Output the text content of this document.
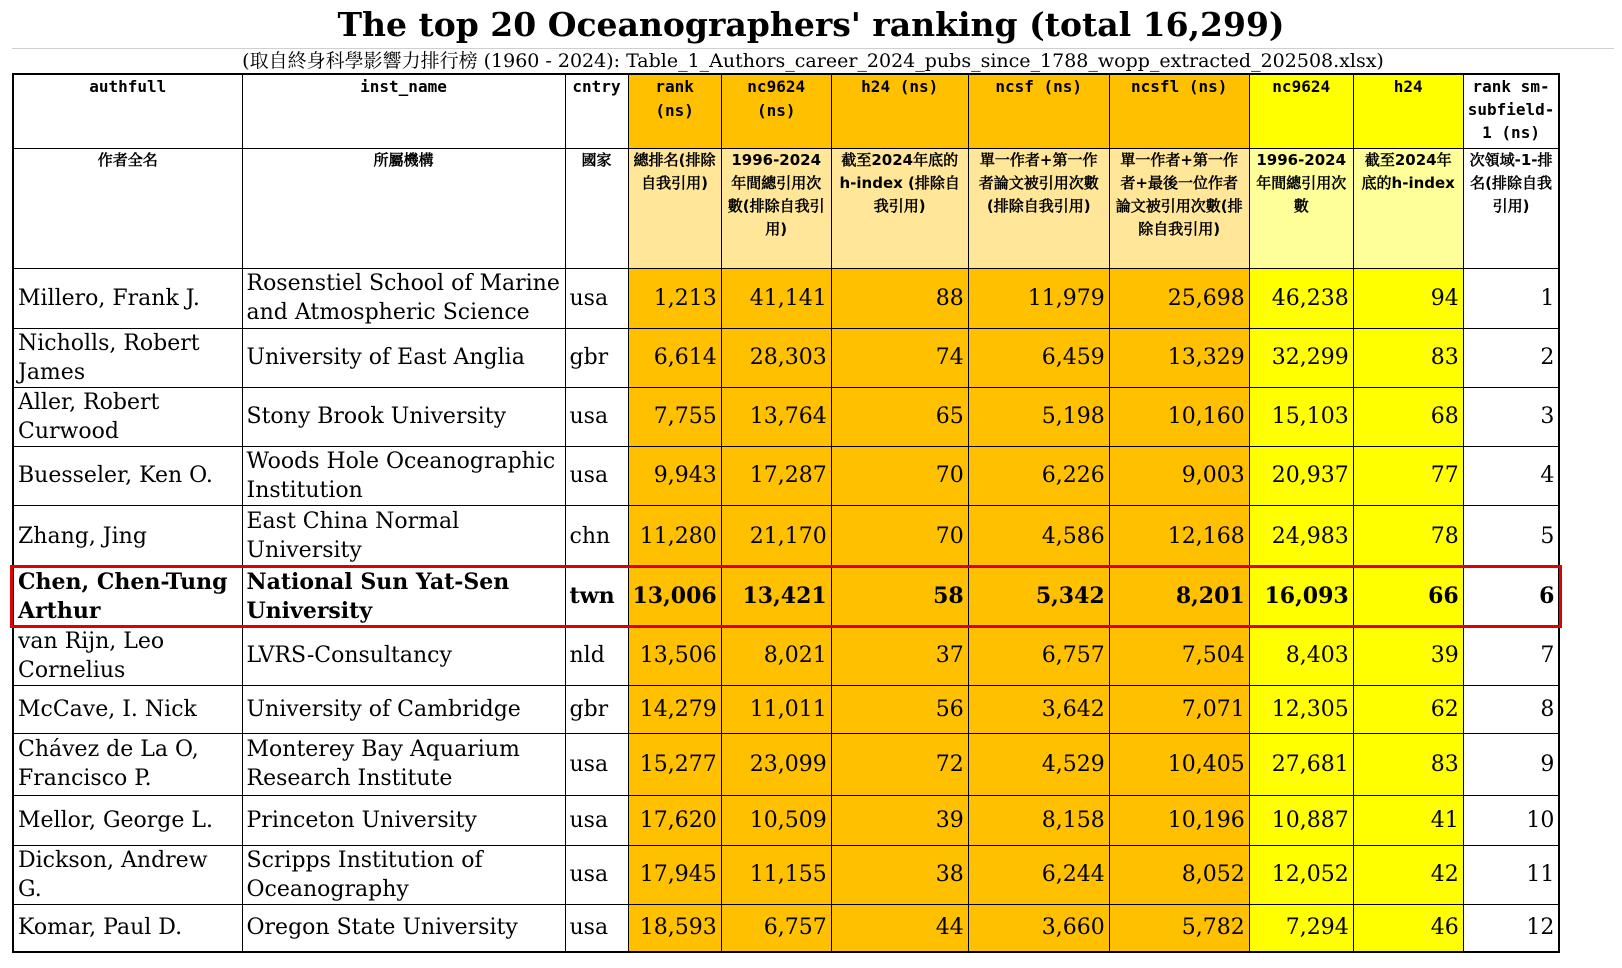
The top 20 Oceanographers' ranking (total 16,299)
(取自終身科學影響力排行榜 (1960 - 2024): Table_1_Authors_career_2024_pubs_since_1788_wopp_extracted_202508.xlsx)
authfull	inst_name	cntry	rank (ns)	nc9624 (ns)	h24 (ns)	ncsf (ns)	ncsfl (ns)	nc9624	h24	rank sm-subfield-1 (ns)
作者全名	所屬機構	國家	總排名(排除自我引用)	1996-2024年間總引用次數(排除自我引用)	截至2024年底的h-index (排除自我引用)	單一作者+第一作者論文被引用次數(排除自我引用)	單一作者+第一作者+最後一位作者論文被引用次數(排除自我引用)	1996-2024年間總引用次數	截至2024年底的h-index	次領域-1-排名(排除自我引用)
Millero, Frank J.	Rosenstiel School of Marine and Atmospheric Science	usa	1,213	41,141	88	11,979	25,698	46,238	94	1
Nicholls, Robert James	University of East Anglia	gbr	6,614	28,303	74	6,459	13,329	32,299	83	2
Aller, Robert Curwood	Stony Brook University	usa	7,755	13,764	65	5,198	10,160	15,103	68	3
Buesseler, Ken O.	Woods Hole Oceanographic Institution	usa	9,943	17,287	70	6,226	9,003	20,937	77	4
Zhang, Jing	East China Normal University	chn	11,280	21,170	70	4,586	12,168	24,983	78	5
Chen, Chen-Tung Arthur	National Sun Yat-Sen University	twn	13,006	13,421	58	5,342	8,201	16,093	66	6
van Rijn, Leo Cornelius	LVRS-Consultancy	nld	13,506	8,021	37	6,757	7,504	8,403	39	7
McCave, I. Nick	University of Cambridge	gbr	14,279	11,011	56	3,642	7,071	12,305	62	8
Chávez de La O, Francisco P.	Monterey Bay Aquarium Research Institute	usa	15,277	23,099	72	4,529	10,405	27,681	83	9
Mellor, George L.	Princeton University	usa	17,620	10,509	39	8,158	10,196	10,887	41	10
Dickson, Andrew G.	Scripps Institution of Oceanography	usa	17,945	11,155	38	6,244	8,052	12,052	42	11
Komar, Paul D.	Oregon State University	usa	18,593	6,757	44	3,660	5,782	7,294	46	12
